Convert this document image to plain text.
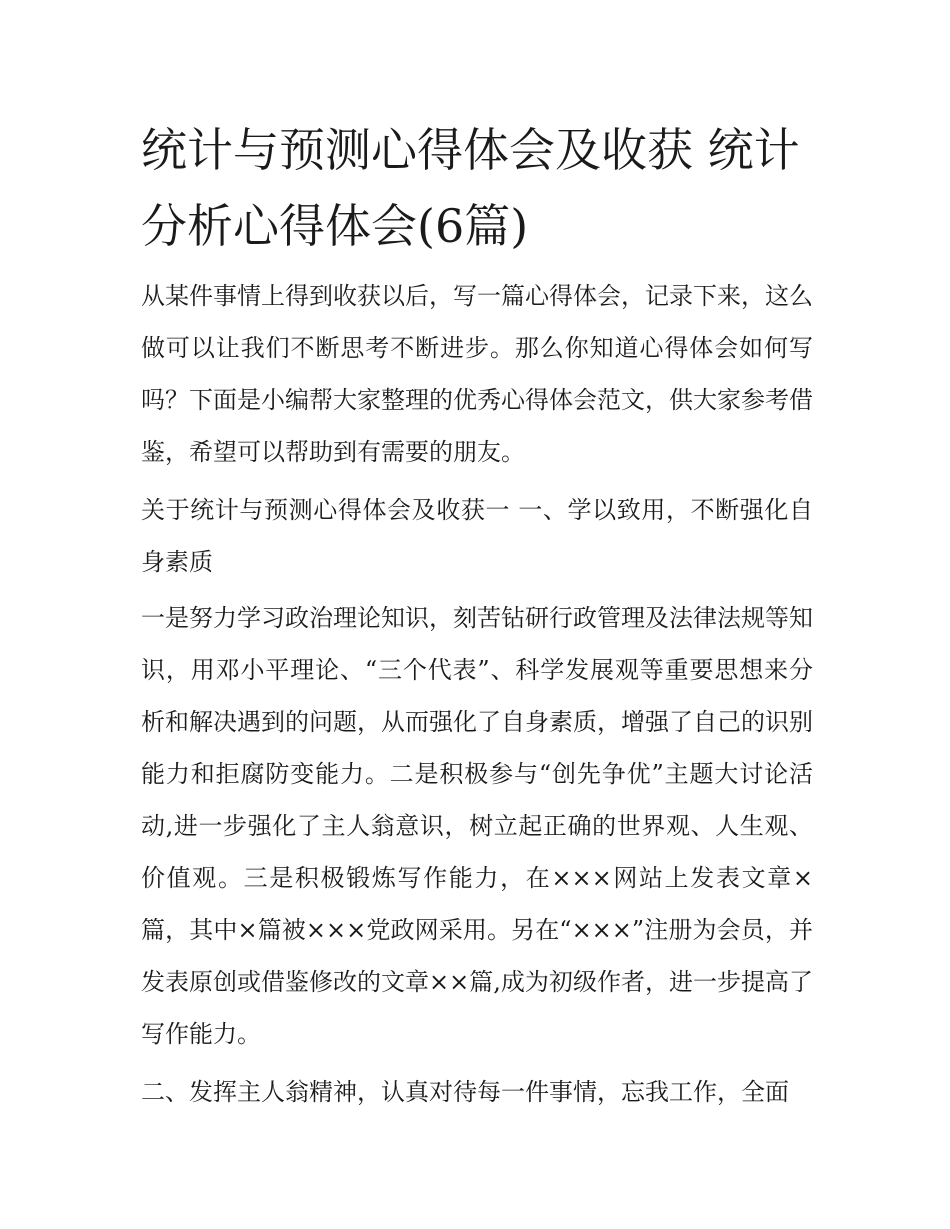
统计与预测心得体会及收获 统计分析心得体会(6篇)

从某件事情上得到收获以后，写一篇心得体会，记录下来，这么做可以让我们不断思考不断进步。那么你知道心得体会如何写吗？下面是小编帮大家整理的优秀心得体会范文，供大家参考借鉴，希望可以帮助到有需要的朋友。

关于统计与预测心得体会及收获一 一、学以致用，不断强化自身素质

一是努力学习政治理论知识，刻苦钻研行政管理及法律法规等知识，用邓小平理论、“三个代表”、科学发展观等重要思想来分析和解决遇到的问题，从而强化了自身素质，增强了自己的识别能力和拒腐防变能力。二是积极参与“创先争优”主题大讨论活动,进一步强化了主人翁意识，树立起正确的世界观、人生观、价值观。三是积极锻炼写作能力，在×××网站上发表文章×篇，其中×篇被×××党政网采用。另在“×××”注册为会员，并发表原创或借鉴修改的文章××篇,成为初级作者，进一步提高了写作能力。

二、发挥主人翁精神，认真对待每一件事情，忘我工作，全面
